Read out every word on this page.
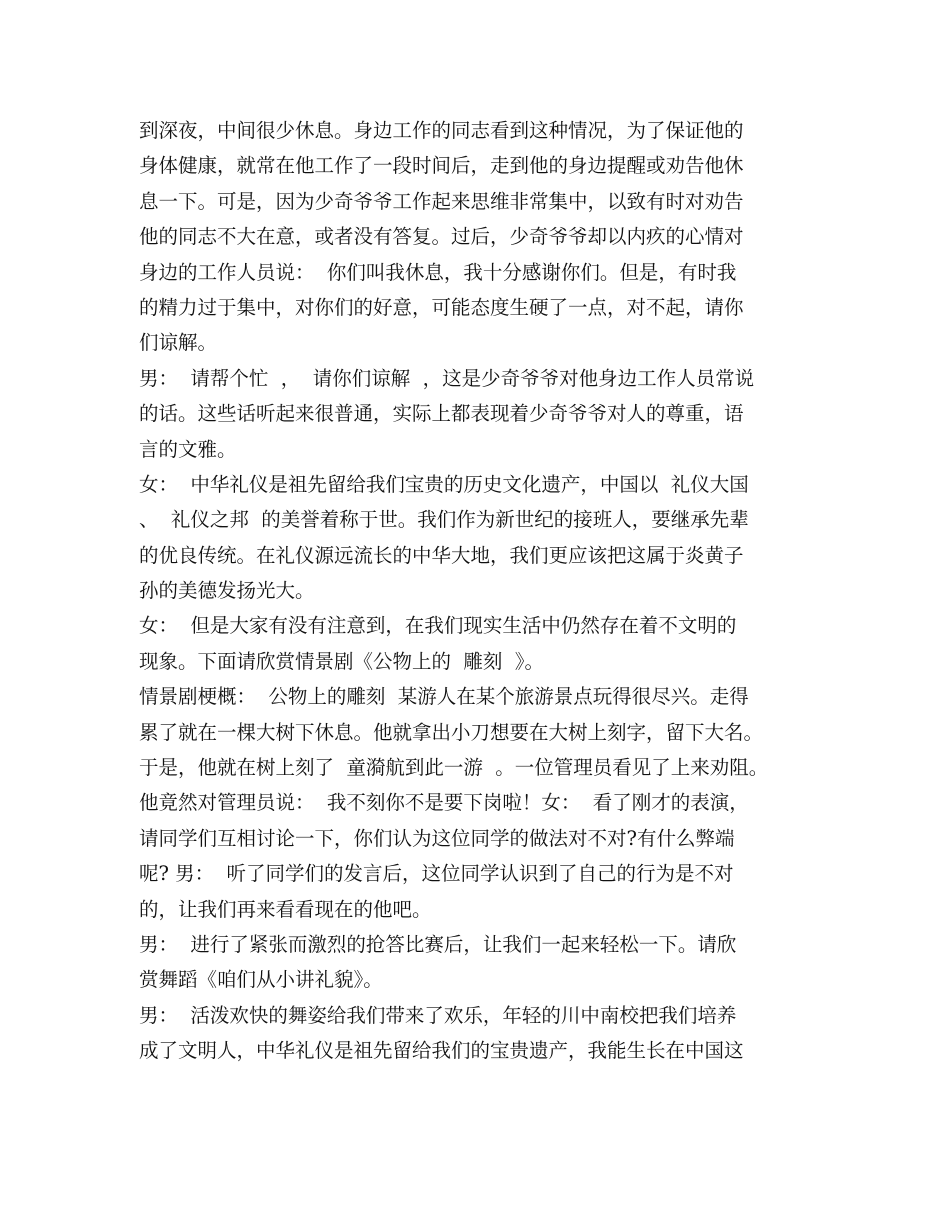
到深夜，中间很少休息。身边工作的同志看到这种情况，为了保证他的
身体健康，就常在他工作了一段时间后，走到他的身边提醒或劝告他休
息一下。可是，因为少奇爷爷工作起来思维非常集中，以致有时对劝告
他的同志不大在意，或者没有答复。过后，少奇爷爷却以内疚的心情对
身边的工作人员说：  你们叫我休息，我十分感谢你们。但是，有时我
的精力过于集中，对你们的好意，可能态度生硬了一点，对不起，请你
们谅解。
男：  请帮个忙  ，  请你们谅解  ，这是少奇爷爷对他身边工作人员常说
的话。这些话听起来很普通，实际上都表现着少奇爷爷对人的尊重，语
言的文雅。
女：  中华礼仪是祖先留给我们宝贵的历史文化遗产，中国以  礼仪大国
、  礼仪之邦  的美誉着称于世。我们作为新世纪的接班人，要继承先辈
的优良传统。在礼仪源远流长的中华大地，我们更应该把这属于炎黄子
孙的美德发扬光大。
女：  但是大家有没有注意到，在我们现实生活中仍然存在着不文明的
现象。下面请欣赏情景剧《公物上的  雕刻  》。
情景剧梗概：  公物上的雕刻  某游人在某个旅游景点玩得很尽兴。走得
累了就在一棵大树下休息。他就拿出小刀想要在大树上刻字，留下大名。
于是，他就在树上刻了  童漪航到此一游  。一位管理员看见了上来劝阻。
他竟然对管理员说：  我不刻你不是要下岗啦！女：  看了刚才的表演，
请同学们互相讨论一下，你们认为这位同学的做法对不对?有什么弊端
呢? 男：  听了同学们的发言后，这位同学认识到了自己的行为是不对
的，让我们再来看看现在的他吧。
男：  进行了紧张而激烈的抢答比赛后，让我们一起来轻松一下。请欣
赏舞蹈《咱们从小讲礼貌》。
男：  活泼欢快的舞姿给我们带来了欢乐，年轻的川中南校把我们培养
成了文明人，中华礼仪是祖先留给我们的宝贵遗产，我能生长在中国这
